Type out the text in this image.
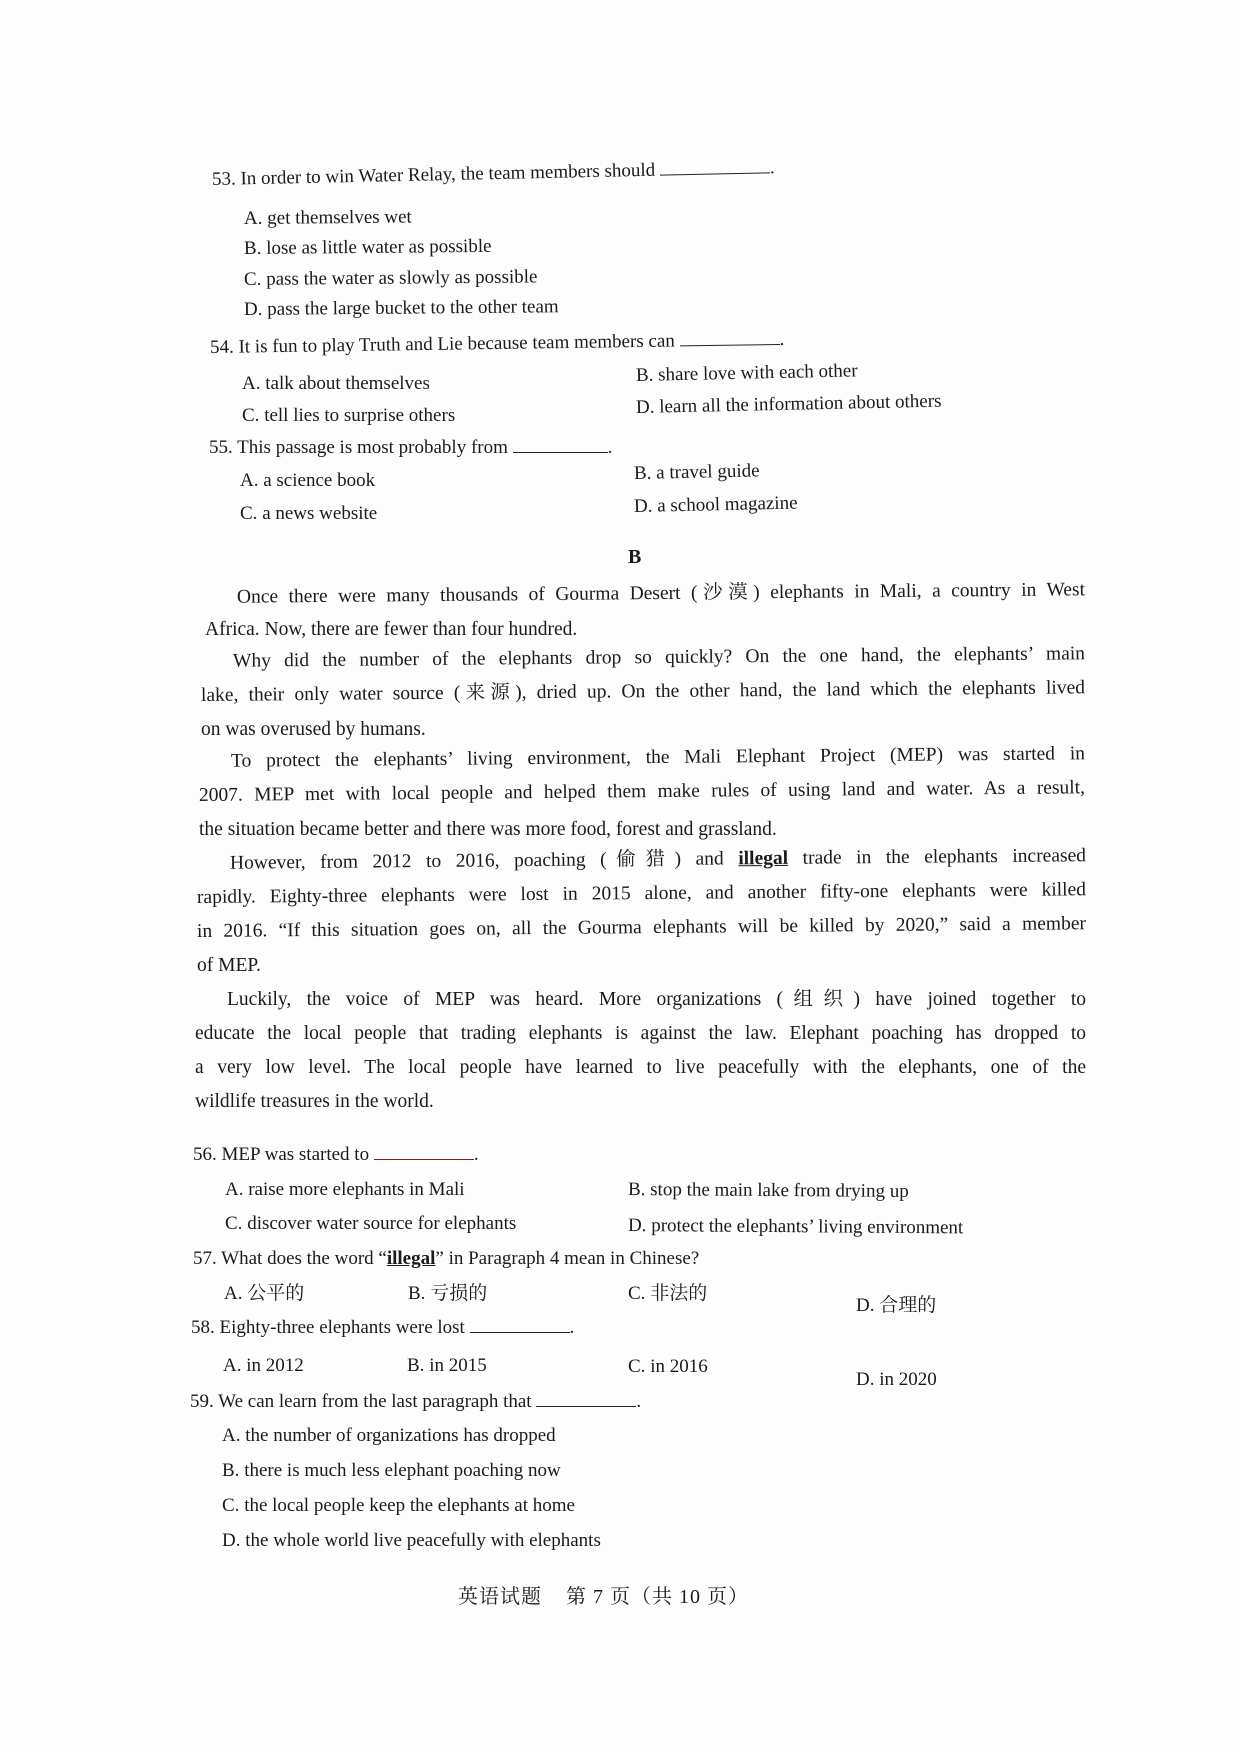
53. In order to win Water Relay, the team members should	.
A. get themselves wet
B. lose as little water as possible
C. pass the water as slowly as possible
D. pass the large bucket to the other team
54. It is fun to play Truth and Lie because team members can	.
A. talk about themselves	B. share love with each other
C. tell lies to surprise others	D. learn all the information about others
55. This passage is most probably from	.
A. a science book	B. a travel guide
C. a news website	D. a school magazine
B
Once there were many thousands of Gourma Desert (沙漠) elephants in Mali, a country in West
Africa. Now, there are fewer than four hundred.
Why did the number of the elephants drop so quickly? On the one hand, the elephants’ main
lake, their only water source (来源), dried up. On the other hand, the land which the elephants lived
on was overused by humans.
To protect the elephants’ living environment, the Mali Elephant Project (MEP) was started in
2007. MEP met with local people and helped them make rules of using land and water. As a result,
the situation became better and there was more food, forest and grassland.
However, from 2012 to 2016, poaching (偷猎) and illegal trade in the elephants increased
rapidly. Eighty-three elephants were lost in 2015 alone, and another fifty-one elephants were killed
in 2016. “If this situation goes on, all the Gourma elephants will be killed by 2020,” said a member
of MEP.
Luckily, the voice of MEP was heard. More organizations (组织) have joined together to
educate the local people that trading elephants is against the law. Elephant poaching has dropped to
a very low level. The local people have learned to live peacefully with the elephants, one of the
wildlife treasures in the world.
56. MEP was started to	.
A. raise more elephants in Mali	B. stop the main lake from drying up
C. discover water source for elephants	D. protect the elephants’ living environment
57. What does the word “illegal” in Paragraph 4 mean in Chinese?
A. 公平的	B. 亏损的	C. 非法的
D. 合理的
58. Eighty-three elephants were lost	.
A. in 2012	B. in 2015	C. in 2016
D. in 2020
59. We can learn from the last paragraph that	.
A. the number of organizations has dropped
B. there is much less elephant poaching now
C. the local people keep the elephants at home
D. the whole world live peacefully with elephants
英语试题 第 7 页（共 10 页）
